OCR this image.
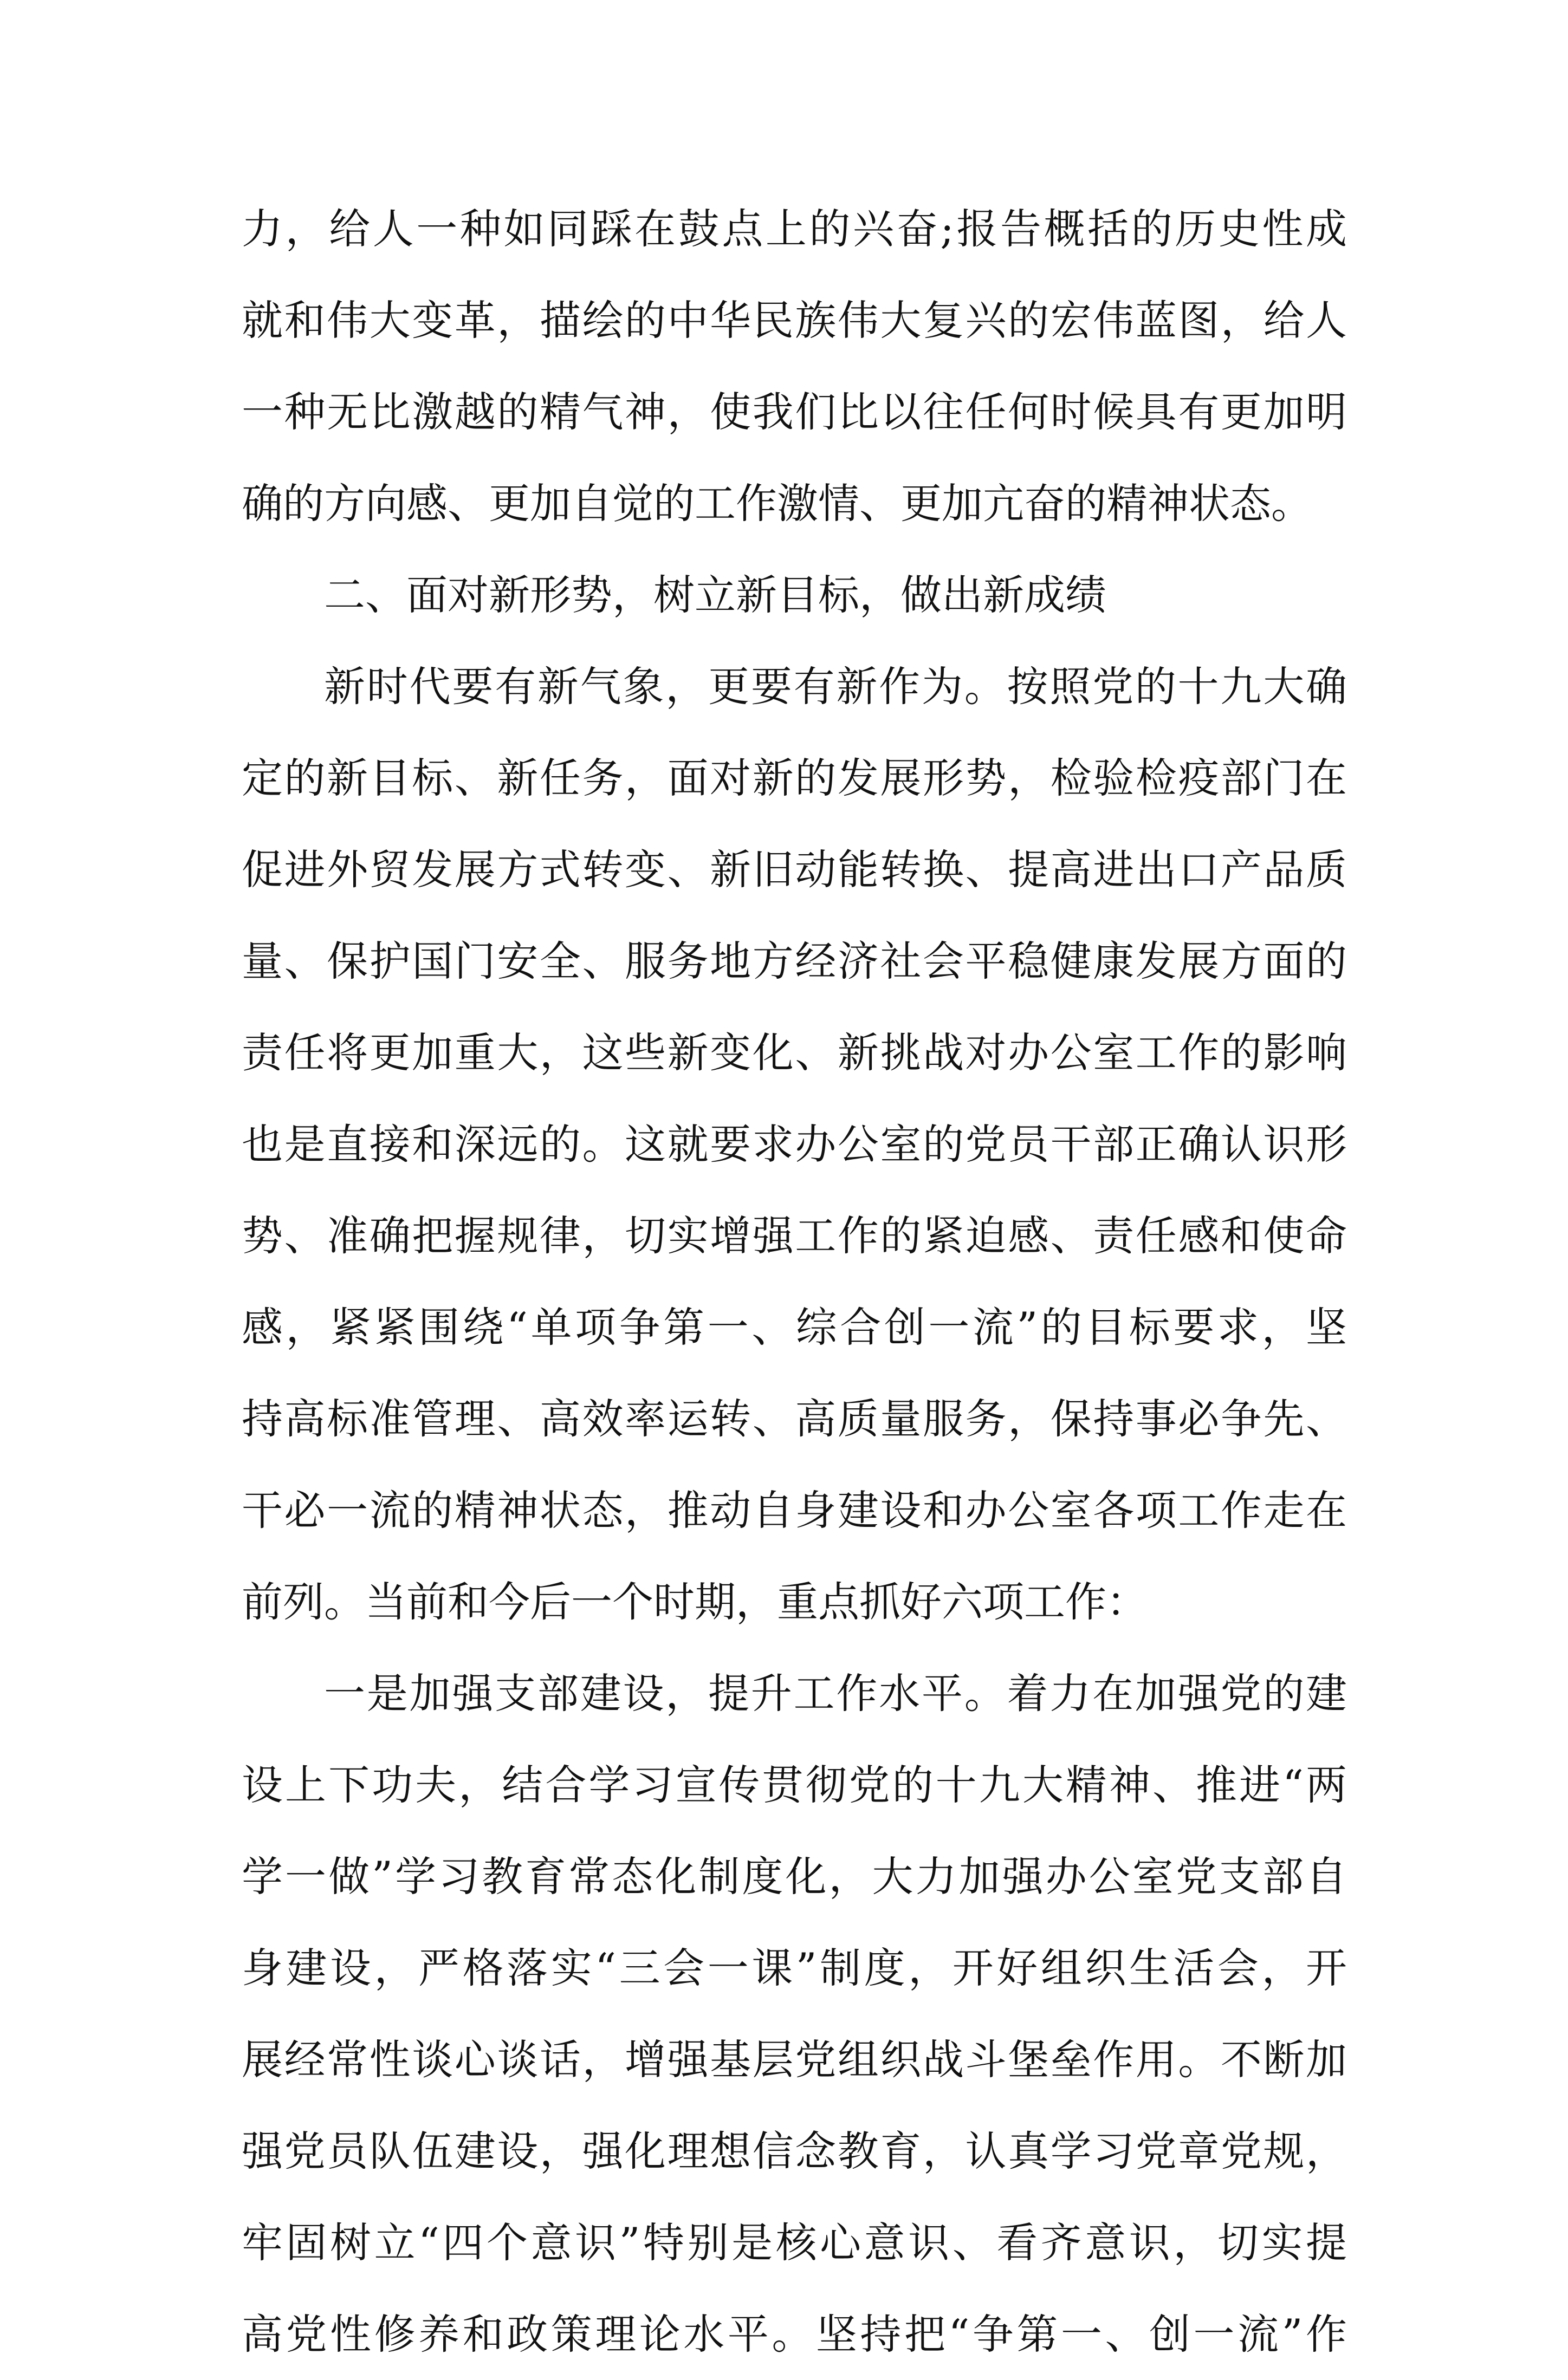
力，给人一种如同踩在鼓点上的兴奋;报告概括的历史性成
就和伟大变革，描绘的中华民族伟大复兴的宏伟蓝图，给人
一种无比激越的精气神，使我们比以往任何时候具有更加明
确的方向感、更加自觉的工作激情、更加亢奋的精神状态。
二、面对新形势，树立新目标，做出新成绩
新时代要有新气象，更要有新作为。按照党的十九大确
定的新目标、新任务，面对新的发展形势，检验检疫部门在
促进外贸发展方式转变、新旧动能转换、提高进出口产品质
量、保护国门安全、服务地方经济社会平稳健康发展方面的
责任将更加重大，这些新变化、新挑战对办公室工作的影响
也是直接和深远的。这就要求办公室的党员干部正确认识形
势、准确把握规律，切实增强工作的紧迫感、责任感和使命
感，紧紧围绕“单项争第一、综合创一流”的目标要求，坚
持高标准管理、高效率运转、高质量服务，保持事必争先、
干必一流的精神状态，推动自身建设和办公室各项工作走在
前列。当前和今后一个时期，重点抓好六项工作：
一是加强支部建设，提升工作水平。着力在加强党的建
设上下功夫，结合学习宣传贯彻党的十九大精神、推进“两
学一做”学习教育常态化制度化，大力加强办公室党支部自
身建设，严格落实“三会一课”制度，开好组织生活会，开
展经常性谈心谈话，增强基层党组织战斗堡垒作用。不断加
强党员队伍建设，强化理想信念教育，认真学习党章党规，
牢固树立“四个意识”特别是核心意识、看齐意识，切实提
高党性修养和政策理论水平。坚持把“争第一、创一流”作
